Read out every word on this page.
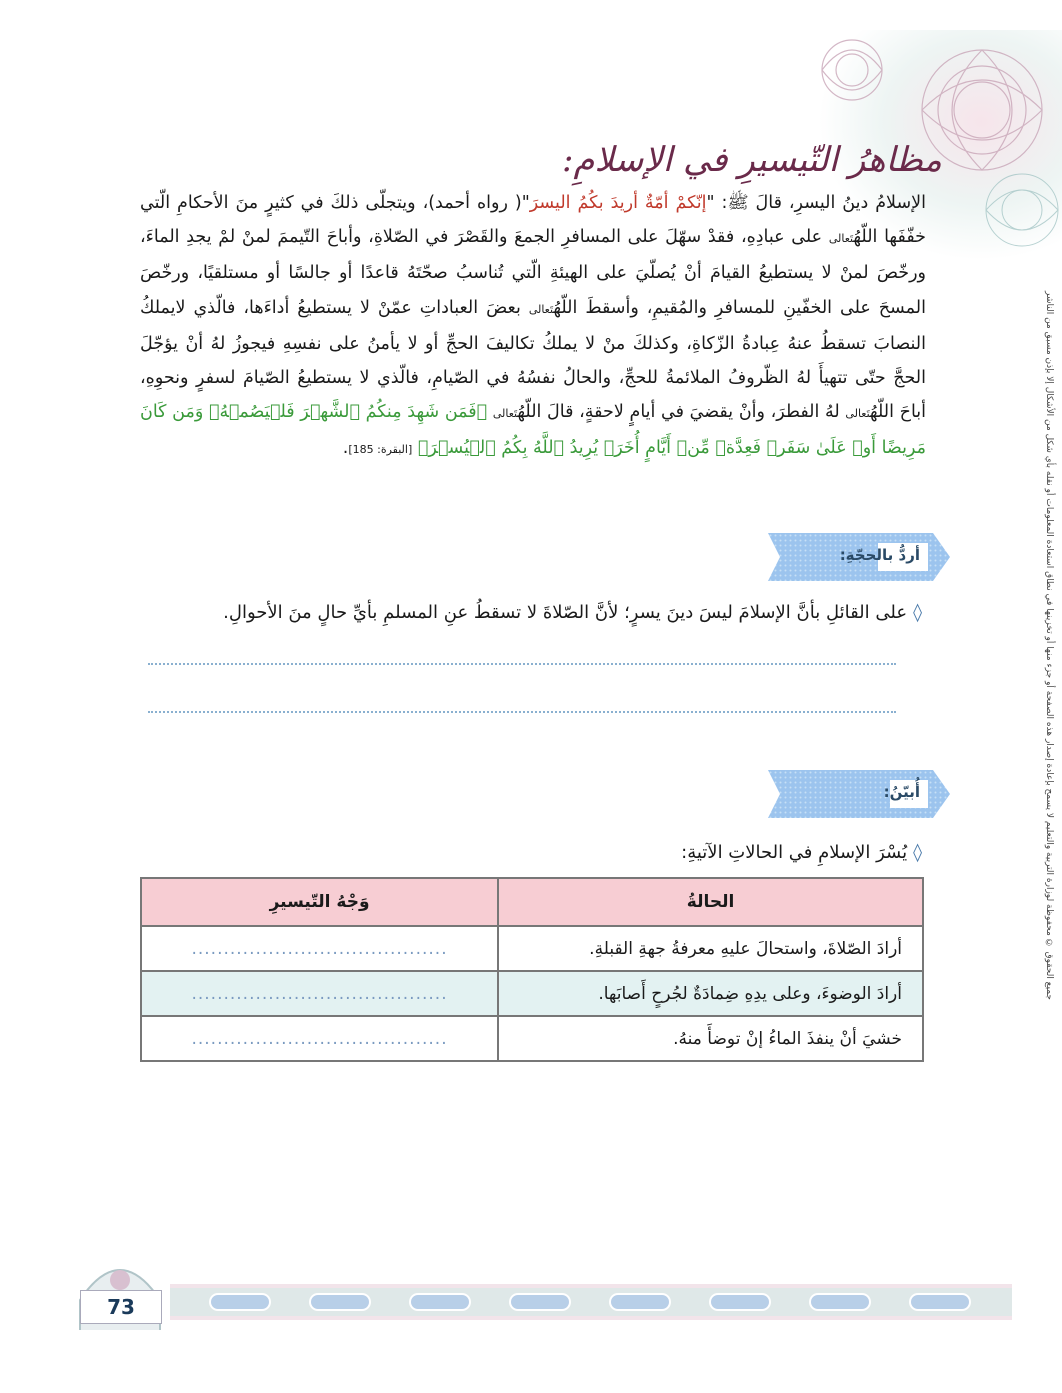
جميع الحقوق © محفوظة لوزارة التربية والتعليم لا يسمح بإعادة إصدار هذه الصفحة أو جزء منها أو تخزينها في نطاق استعادة المعلومات أو نقله بأي شكل من الأشكال إلا بإذن مسبق من الناشر
مظاهرُ التّيسيرِ في الإسلامِ:
الإسلامُ دينُ اليسرِ، قالَ ﷺ: "إنّكمْ أمّةٌ أريدَ بكُمُ اليسرَ"( رواه أحمد)، ويتجلّى ذلكَ في كثيرٍ منَ الأحكامِ الّتي خفّفَها اللّهُتَعالى على عبادِهِ، فقدْ سهّلَ على المسافرِ الجمعَ والقَصْرَ في الصّلاةِ، وأباحَ التّيممَ لمنْ لمْ يجدِ الماءَ، ورخّصَ لمنْ لا يستطيعُ القيامَ أنْ يُصلّيَ على الهيئةِ الّتي تُناسبُ صحّتَهُ قاعدًا أو جالسًا أو مستلقيًا، ورخّصَ المسحَ على الخفّينِ للمسافرِ والمُقيمِ، وأسقطَ اللّهُتَعالى بعضَ العباداتِ عمّنْ لا يستطيعُ أداءَها، فالّذي لايملكُ النصابَ تسقطُ عنهُ عِبادةُ الزّكاةِ، وكذلكَ منْ لا يملكُ تكاليفَ الحجِّ أو لا يأمنُ على نفسِهِ فيجوزُ لهُ أنْ يؤجّلَ الحجَّ حتّى تتهيأَ لهُ الظّروفُ الملائمةُ للحجِّ، والحالُ نفسُهُ في الصّيامِ، فالّذي لا يستطيعُ الصّيامَ لسفرٍ ونحوِهِ، أباحَ اللّهُتَعالى لهُ الفطرَ، وأنْ يقضيَ في أيامٍ لاحقةٍ، قالَ اللّهُتَعالى ﴿فَمَن شَهِدَ مِنكُمُ ٱلشَّهۡرَ فَلۡيَصُمۡهُۖ وَمَن كَانَ مَرِيضًا أَوۡ عَلَىٰ سَفَرٖ فَعِدَّةٞ مِّنۡ أَيَّامٍ أُخَرَۗ يُرِيدُ ٱللَّهُ بِكُمُ ٱلۡيُسۡرَ﴾ [البقرة: 185].
أردُّ بالحجّةِ:
◊على القائلِ بأنَّ الإسلامَ ليسَ دينَ يسرٍ؛ لأنَّ الصّلاةَ لا تسقطُ عنِ المسلمِ بأيِّ حالٍ منَ الأحوالِ.
أُبيّنُ:
◊يُسْرَ الإسلامِ في الحالاتِ الآتيةِ:
الحالةُ	وَجْهُ التّيسيرِ
أرادَ الصّلاةَ، واستحالَ عليهِ معرفةُ جهةِ القبلةِ.	........................................
أرادَ الوضوءَ، وعلى يدِهِ ضِمادَةٌ لجُرحٍ أَصابَها.	........................................
خشيَ أنْ ينفذَ الماءُ إنْ توضأَ منهُ.	........................................
73
